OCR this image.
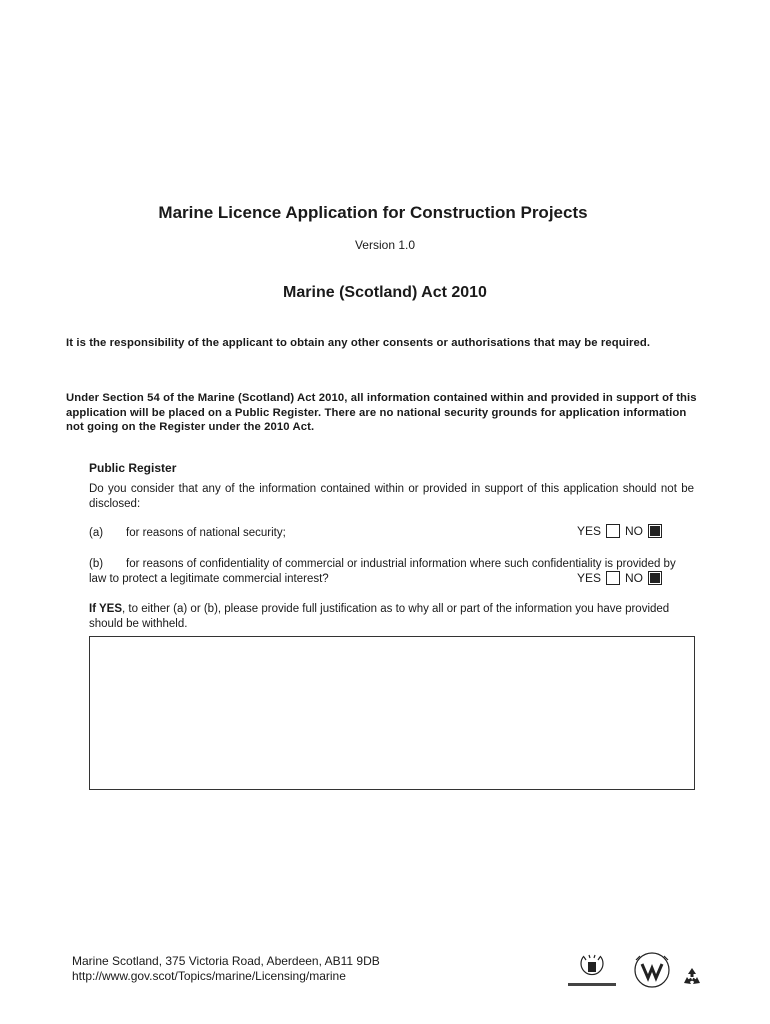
Marine Licence Application for Construction Projects
Version 1.0
Marine (Scotland) Act 2010
It is the responsibility of the applicant to obtain any other consents or authorisations that may be required.
Under Section 54 of the Marine (Scotland) Act 2010, all information contained within and provided in support of this application will be placed on a Public Register. There are no national security grounds for application information not going on the Register under the 2010 Act.
Public Register
Do you consider that any of the information contained within or provided in support of this application should not be disclosed:
(a) for reasons of national security;	YES NO
(b) for reasons of confidentiality of commercial or industrial information where such confidentiality is provided by law to protect a legitimate commercial interest?	YES NO
If YES, to either (a) or (b), please provide full justification as to why all or part of the information you have provided should be withheld.
Marine Scotland, 375 Victoria Road, Aberdeen, AB11 9DB
http://www.gov.scot/Topics/marine/Licensing/marine
